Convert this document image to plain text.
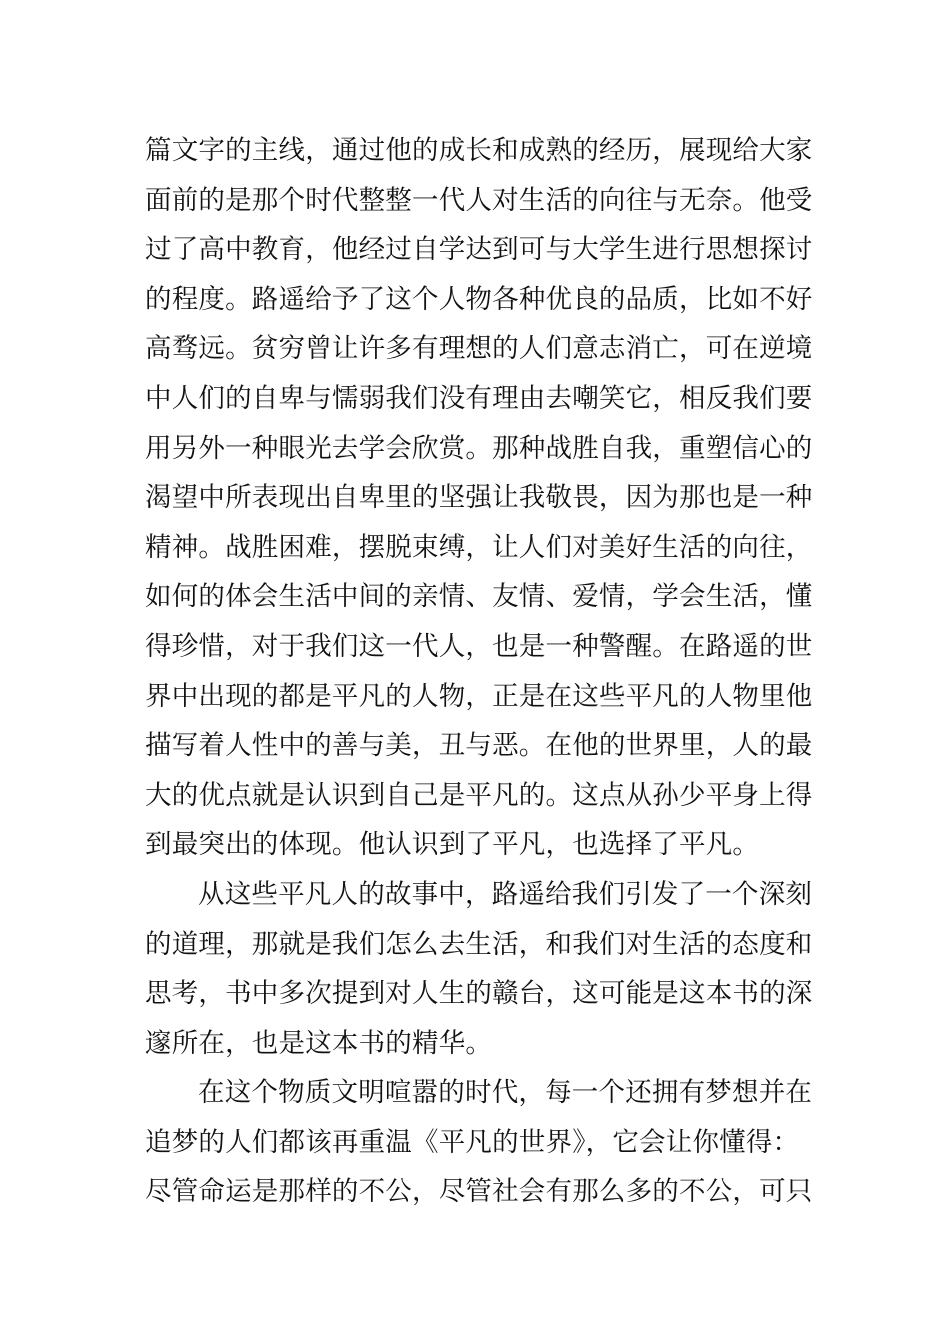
篇文字的主线，通过他的成长和成熟的经历，展现给大家
面前的是那个时代整整一代人对生活的向往与无奈。他受
过了高中教育，他经过自学达到可与大学生进行思想探讨
的程度。路遥给予了这个人物各种优良的品质，比如不好
高骛远。贫穷曾让许多有理想的人们意志消亡，可在逆境
中人们的自卑与懦弱我们没有理由去嘲笑它，相反我们要
用另外一种眼光去学会欣赏。那种战胜自我，重塑信心的
渴望中所表现出自卑里的坚强让我敬畏，因为那也是一种
精神。战胜困难，摆脱束缚，让人们对美好生活的向往，
如何的体会生活中间的亲情、友情、爱情，学会生活，懂
得珍惜，对于我们这一代人，也是一种警醒。在路遥的世
界中出现的都是平凡的人物，正是在这些平凡的人物里他
描写着人性中的善与美，丑与恶。在他的世界里，人的最
大的优点就是认识到自己是平凡的。这点从孙少平身上得
到最突出的体现。他认识到了平凡，也选择了平凡。
从这些平凡人的故事中，路遥给我们引发了一个深刻
的道理，那就是我们怎么去生活，和我们对生活的态度和
思考，书中多次提到对人生的赣台，这可能是这本书的深
邃所在，也是这本书的精华。
在这个物质文明喧嚣的时代，每一个还拥有梦想并在
追梦的人们都该再重温《平凡的世界》，它会让你懂得：
尽管命运是那样的不公，尽管社会有那么多的不公，可只
